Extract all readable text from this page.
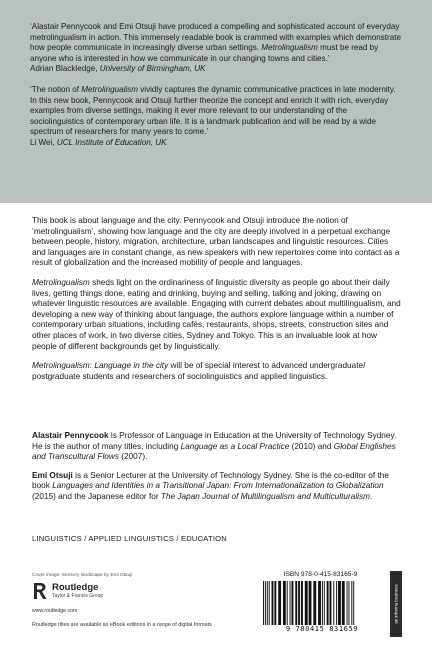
‘Alastair Pennycook and Emi Otsuji have produced a compelling and sophisticated account of everyday metrolingualism in action. This immensely readable book is crammed with examples which demonstrate how people communicate in increasingly diverse urban settings. Metrolingualism must be read by anyone who is interested in how we communicate in our changing towns and cities.’
Adrian Blackledge, University of Birmingham, UK
‘The notion of Metrolingualism vividly captures the dynamic communicative practices in late modernity. In this new book, Pennycook and Otsuji further theorize the concept and enrich it with rich, everyday examples from diverse settings, making it ever more relevant to our understanding of the sociolinguistics of contemporary urban life. It is a landmark publication and will be read by a wide spectrum of researchers for many years to come.’
Li Wei, UCL Institute of Education, UK

This book is about language and the city. Pennycook and Otsuji introduce the notion of ‘metrolingualism’, showing how language and the city are deeply involved in a perpetual exchange between people, history, migration, architecture, urban landscapes and linguistic resources. Cities and languages are in constant change, as new speakers with new repertoires come into contact as a result of globalization and the increased mobility of people and languages.

Metrolingualism sheds light on the ordinariness of linguistic diversity as people go about their daily lives, getting things done, eating and drinking, buying and selling, talking and joking, drawing on whatever linguistic resources are available. Engaging with current debates about multilingualism, and developing a new way of thinking about language, the authors explore language within a number of contemporary urban situations, including cafés, restaurants, shops, streets, construction sites and other places of work, in two diverse cities, Sydney and Tokyo. This is an invaluable look at how people of different backgrounds get by linguistically.

Metrolingualism: Language in the city will be of special interest to advanced undergraduate/ postgraduate students and researchers of sociolinguistics and applied linguistics.

Alastair Pennycook is Professor of Language in Education at the University of Technology Sydney. He is the author of many titles, including Language as a Local Practice (2010) and Global Englishes and Transcultural Flows (2007).

Emi Otsuji is a Senior Lecturer at the University of Technology Sydney. She is the co-editor of the book Languages and Identities in a Transitional Japan: From Internationalization to Globalization (2015) and the Japanese editor for The Japan Journal of Multilingualism and Multiculturalism.

LINGUISTICS / APPLIED LINGUISTICS / EDUCATION
Cover image: Sensory landscape by Emi Otsuji
Routledge
Taylor & Francis Group
www.routledge.com
Routledge titles are available as eBook editions in a range of digital formats
ISBN 978-0-415-83165-9
9 780415 831659
an informa business
